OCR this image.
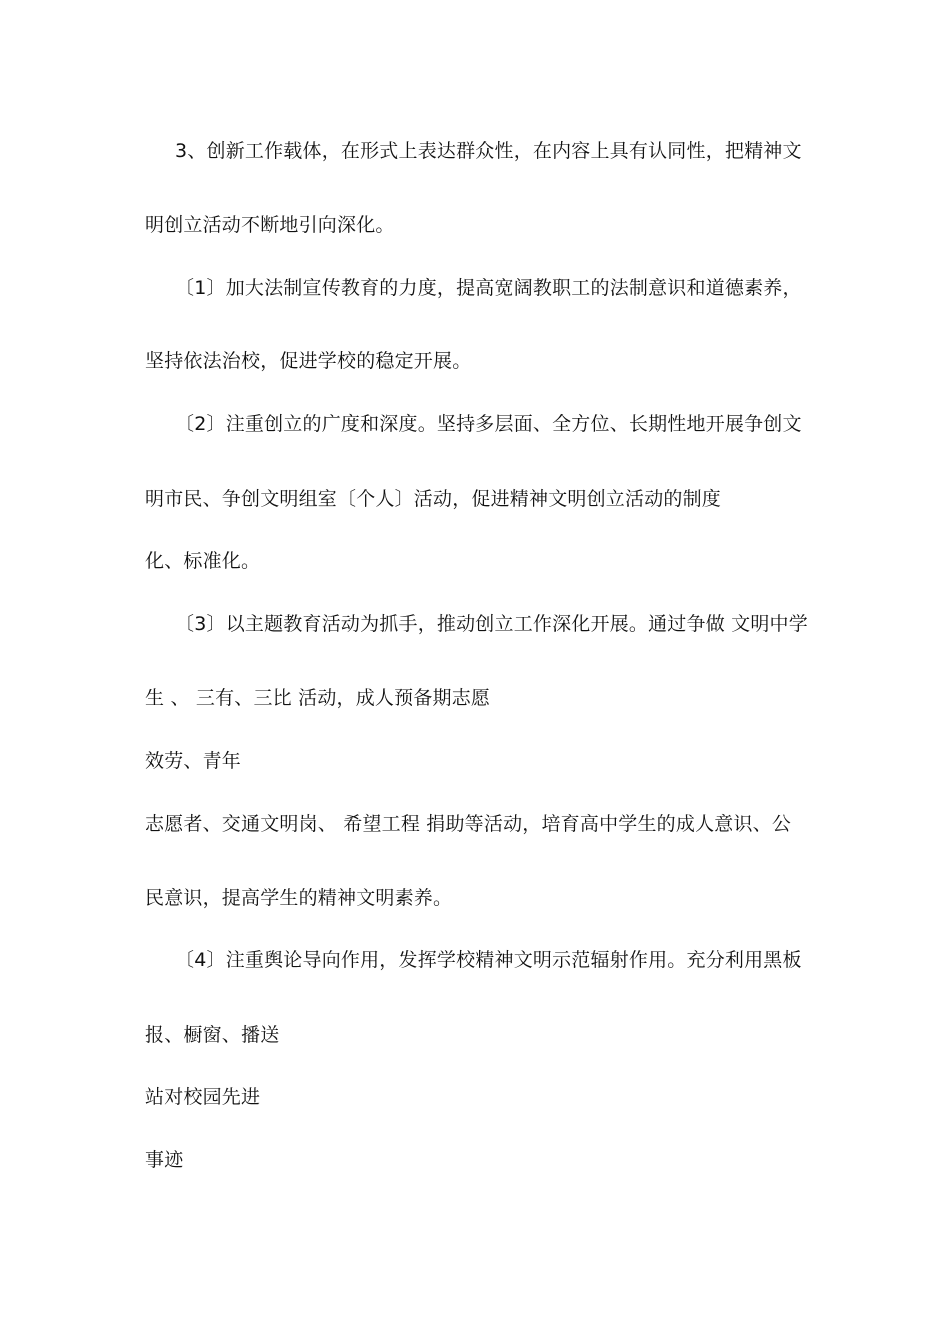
3、创新工作载体，在形式上表达群众性，在内容上具有认同性，把精神文
明创立活动不断地引向深化。
〔1〕加大法制宣传教育的力度，提高宽阔教职工的法制意识和道德素养，
坚持依法治校，促进学校的稳定开展。
〔2〕注重创立的广度和深度。坚持多层面、全方位、长期性地开展争创文
明市民、争创文明组室〔个人〕活动，促进精神文明创立活动的制度
化、标准化。
〔3〕以主题教育活动为抓手，推动创立工作深化开展。通过争做 文明中学
生 、 三有、三比 活动，成人预备期志愿
效劳、青年
志愿者、交通文明岗、 希望工程 捐助等活动，培育高中学生的成人意识、公
民意识，提高学生的精神文明素养。
〔4〕注重舆论导向作用，发挥学校精神文明示范辐射作用。充分利用黑板
报、橱窗、播送
站对校园先进
事迹
